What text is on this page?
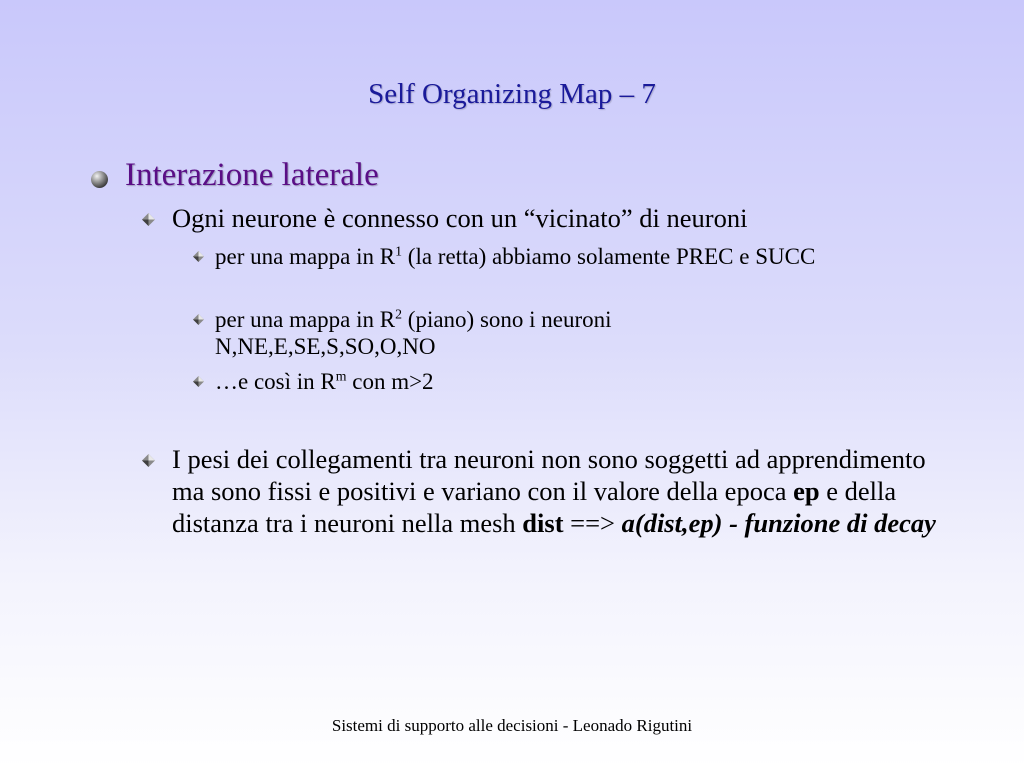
Self Organizing Map – 7

Interazione laterale

Ogni neurone è connesso con un “vicinato” di neuroni

per una mappa in $R^1$ (la retta) abbiamo solamente PREC e SUCC

per una mappa in $R^2$ (piano) sono i neuroni N,NE,E,SE,S,SO,O,NO

…e così in $R^m$ con m>2

I pesi dei collegamenti tra neuroni non sono soggetti ad apprendimento ma sono fissi e positivi e variano con il valore della epoca ep e della distanza tra i neuroni nella mesh dist ==> a(dist,ep) - funzione di decay

Sistemi di supporto alle decisioni - Leonado Rigutini
